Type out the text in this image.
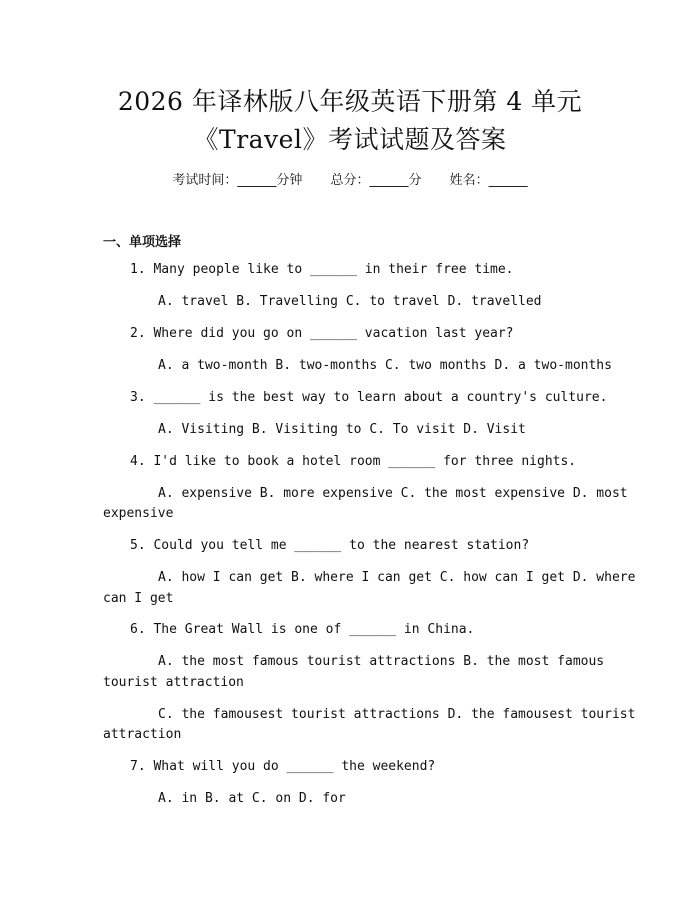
2026 年译林版八年级英语下册第 4 单元
《Travel》考试试题及答案
考试时间：______分钟 总分：______分 姓名：______
一、单项选择
1. Many people like to ______ in their free time.
A. travel B. Travelling C. to travel D. travelled
2. Where did you go on ______ vacation last year?
A. a two-month B. two-months C. two months D. a two-months
3. ______ is the best way to learn about a country's culture.
A. Visiting B. Visiting to C. To visit D. Visit
4. I'd like to book a hotel room ______ for three nights.
A. expensive B. more expensive C. the most expensive D. most
expensive
5. Could you tell me ______ to the nearest station?
A. how I can get B. where I can get C. how can I get D. where
can I get
6. The Great Wall is one of ______ in China.
A. the most famous tourist attractions B. the most famous
tourist attraction
C. the famousest tourist attractions D. the famousest tourist
attraction
7. What will you do ______ the weekend?
A. in B. at C. on D. for
